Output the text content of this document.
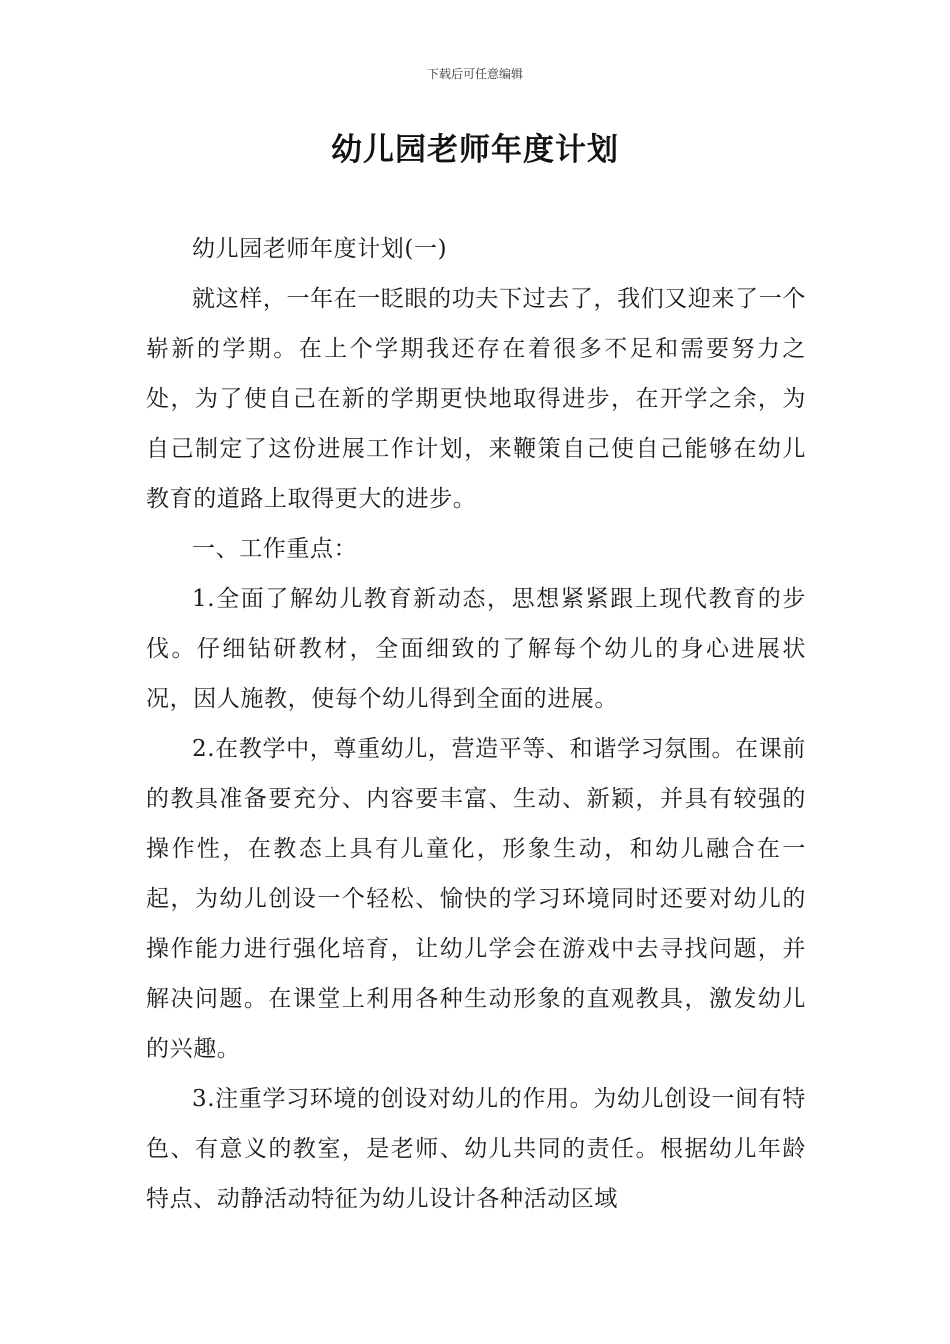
下载后可任意编辑
幼儿园老师年度计划

幼儿园老师年度计划(一)

就这样，一年在一眨眼的功夫下过去了，我们又迎来了一个崭新的学期。在上个学期我还存在着很多不足和需要努力之处，为了使自己在新的学期更快地取得进步，在开学之余，为自己制定了这份进展工作计划，来鞭策自己使自己能够在幼儿教育的道路上取得更大的进步。

一、工作重点：

1.全面了解幼儿教育新动态，思想紧紧跟上现代教育的步伐。仔细钻研教材，全面细致的了解每个幼儿的身心进展状况，因人施教，使每个幼儿得到全面的进展。

2.在教学中，尊重幼儿，营造平等、和谐学习氛围。在课前的教具准备要充分、内容要丰富、生动、新颖，并具有较强的操作性，在教态上具有儿童化，形象生动，和幼儿融合在一起，为幼儿创设一个轻松、愉快的学习环境同时还要对幼儿的操作能力进行强化培育，让幼儿学会在游戏中去寻找问题，并解决问题。在课堂上利用各种生动形象的直观教具，激发幼儿的兴趣。

3.注重学习环境的创设对幼儿的作用。为幼儿创设一间有特色、有意义的教室，是老师、幼儿共同的责任。根据幼儿年龄特点、动静活动特征为幼儿设计各种活动区域
